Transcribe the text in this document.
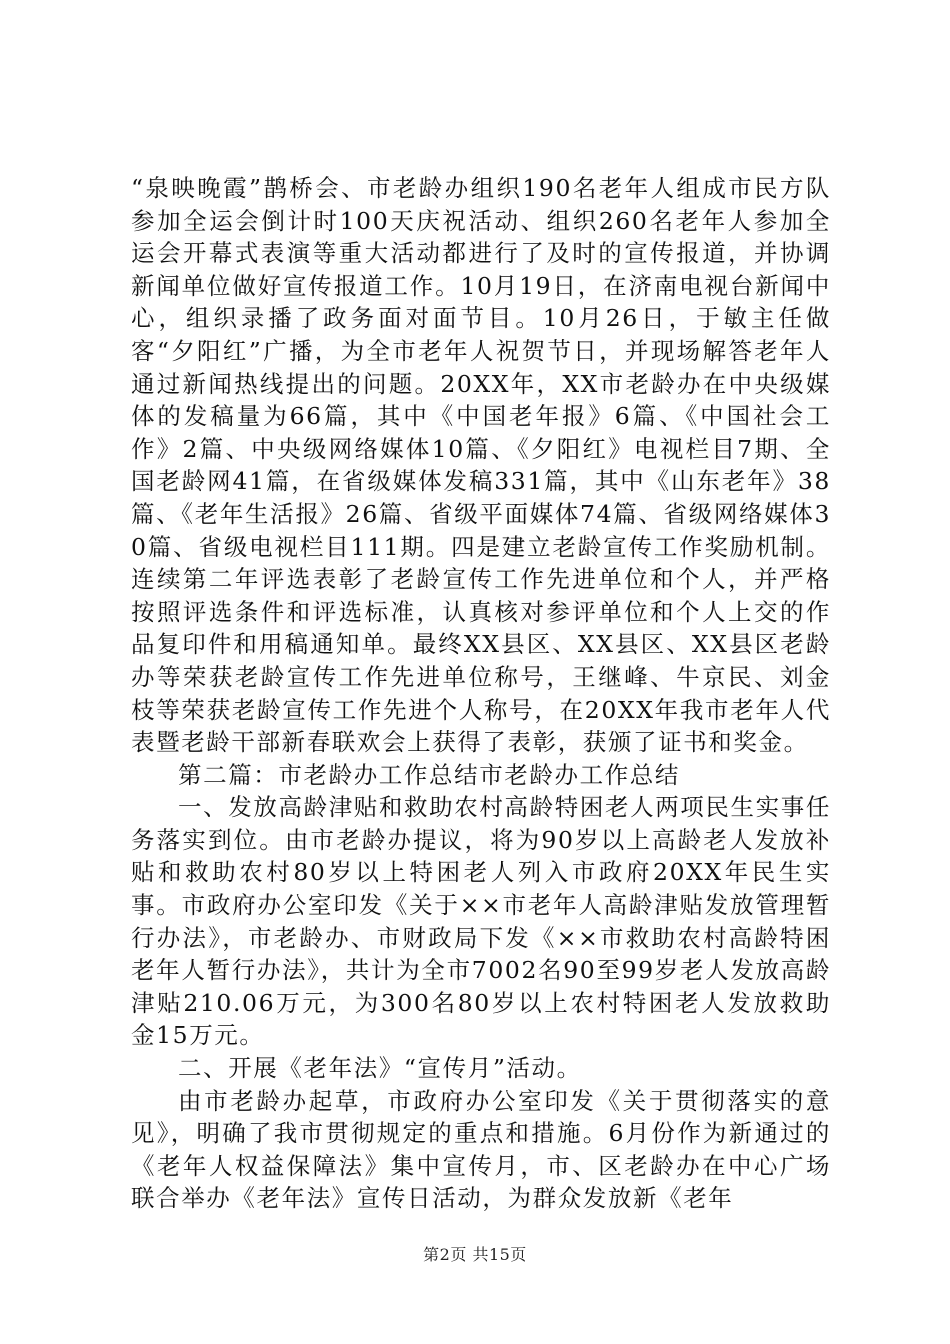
“泉映晚霞”鹊桥会、市老龄办组织190名老年人组成市民方队参加全运会倒计时100天庆祝活动、组织260名老年人参加全运会开幕式表演等重大活动都进行了及时的宣传报道，并协调新闻单位做好宣传报道工作。10月19日，在济南电视台新闻中心，组织录播了政务面对面节目。10月26日，于敏主任做客“夕阳红”广播，为全市老年人祝贺节日，并现场解答老年人通过新闻热线提出的问题。20XX年，XX市老龄办在中央级媒体的发稿量为66篇，其中《中国老年报》6篇、《中国社会工作》2篇、中央级网络媒体10篇、《夕阳红》电视栏目7期、全国老龄网41篇，在省级媒体发稿331篇，其中《山东老年》38篇、《老年生活报》26篇、省级平面媒体74篇、省级网络媒体30篇、省级电视栏目111期。四是建立老龄宣传工作奖励机制。连续第二年评选表彰了老龄宣传工作先进单位和个人，并严格按照评选条件和评选标准，认真核对参评单位和个人上交的作品复印件和用稿通知单。最终XX县区、XX县区、XX县区老龄办等荣获老龄宣传工作先进单位称号，王继峰、牛京民、刘金枝等荣获老龄宣传工作先进个人称号，在20XX年我市老年人代表暨老龄干部新春联欢会上获得了表彰，获颁了证书和奖金。

第二篇：市老龄办工作总结市老龄办工作总结

一、发放高龄津贴和救助农村高龄特困老人两项民生实事任务落实到位。由市老龄办提议，将为90岁以上高龄老人发放补贴和救助农村80岁以上特困老人列入市政府20XX年民生实事。市政府办公室印发《关于××市老年人高龄津贴发放管理暂行办法》，市老龄办、市财政局下发《××市救助农村高龄特困老年人暂行办法》，共计为全市7002名90至99岁老人发放高龄津贴210.06万元，为300名80岁以上农村特困老人发放救助金15万元。

二、开展《老年法》“宣传月”活动。

由市老龄办起草，市政府办公室印发《关于贯彻落实的意见》，明确了我市贯彻规定的重点和措施。6月份作为新通过的《老年人权益保障法》集中宣传月，市、区老龄办在中心广场联合举办《老年法》宣传日活动，为群众发放新《老年

第2页 共15页
